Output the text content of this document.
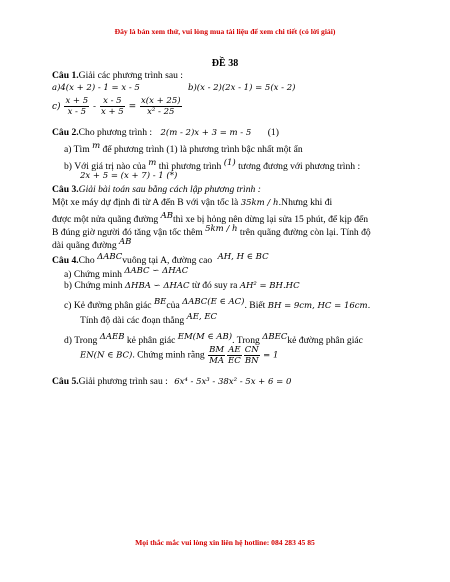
Đây là bản xem thử, vui lòng mua tài liệu để xem chi tiết (có lời giải)
ĐỀ 38
Câu 1.Giải các phương trình sau :
a)4(x + 2) - 1 = x - 5	b)(x - 2)(2x - 1) = 5(x - 2)
$c) \frac{x + 5}{x - 5} - \frac{x - 5}{x + 5} = \frac{x(x + 25)}{\text{x² - 25}}$
Câu 2.Cho phương trình : 2(m - 2)x + 3 = m - 5 (1)
a) Tìm $^m$ để phương trình (1) là phương trình bậc nhất một ẩn
b) Với giá trị nào của $^m$ thì phương trình $^{(1)}$ tương đương với phương trình :
2x + 5 = (x + 7) - 1 (*)
Câu 3.Giải bài toán sau bằng cách lập phương trình :
Một xe máy dự định đi từ A đến B với vận tốc là 35km / h.Nhưng khi đi
được một nửa quãng đường $^{AB}$thì xe bị hỏng nên dừng lại sửa 15 phút, để kịp đến
B đúng giờ người đó tăng vận tốc thêm $^{5km / h}$ trên quãng đường còn lại. Tính độ
dài quãng đường $^{AB}$
Câu 4.Cho $^{\Delta ABC}$vuông tại A, đường cao $^{AH, H \in BC}$
a) Chứng minh $^{\Delta ABC ∽ \Delta HAC}$
b) Chứng minh ΔHBA ∽ ΔHAC từ đó suy ra AH² = BH.HC
c) Kẻ đường phân giác $^{BE}$của $^{\Delta ABC(E \in AC)}$. Biết BH = 9cm, HC = 16cm.
Tính độ dài các đoạn thẳng $^{AE, EC}$
d) Trong $^{\Delta AEB}$ kẻ phân giác $^{EM(M \in AB)}$. Trong $^{\Delta BEC}$kẻ đường phân giác
EN(N ∈ BC). Chứng minh rằng $\frac{BM}{MA} \frac{AE}{EC} \frac{CN}{BN} = 1$
Câu 5.Giải phương trình sau : 6x⁴ - 5x³ - 38x² - 5x + 6 = 0
Mọi thắc mắc vui lòng xin liên hệ hotline: 084 283 45 85
